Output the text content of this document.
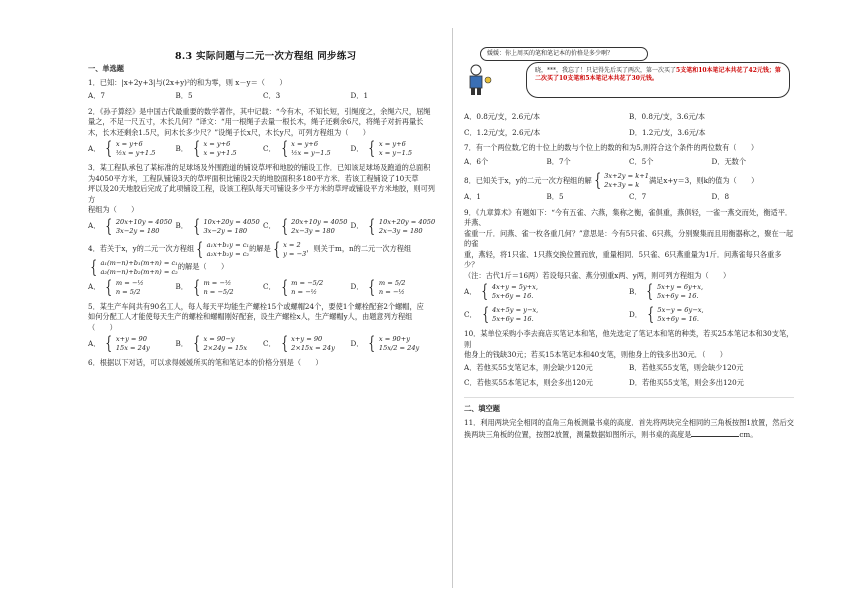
8.3 实际问题与二元一次方程组 同步练习
一、单选题
1．已知：|x+2y+3|与(2x+y)²的和为零，则 x－y＝（　　）
A．7	B．5	C．3	D．1
2．《孙子算经》是中国古代最重要的数学著作，其中记载：“今有木，不知长短，引绳度之，余绳六尺，屈绳
量之，不足一尺五寸，木长几何？”译文：“用一根绳子去量一根长木，绳子还剩余6尺，将绳子对折再量长
木，长木还剩余1.5尺，问木长多少尺？”设绳子长x尺，木长y尺，可列方程组为（　　）
A． { x = y+6
½x = y+1.5
B． { x = y+6
x = y+1.5
C． { x = y+6
½x = y−1.5
D． { x = y+6
x = y−1.5
3．某工程队承包了某标准的足球场及外围跑道的铺设草坪和地胶的铺设工作．已知该足球场及跑道的总面积
为4050平方米，工程队铺设3天的草坪面积比铺设2天的地胶面积多180平方米．若该工程铺设了10天草
坪以及20天地胶后完成了此项铺设工程，设该工程队每天可铺设多少平方米的草坪或铺设平方米地胶，则可列方
程组为（　　）
A． { 20x+10y = 4050
3x−2y = 180
B． { 10x+20y = 4050
3x−2y = 180
C． { 20x+10y = 4050
2x−3y = 180
D． { 10x+20y = 4050
2x−3y = 180
4．若关于x，y的二元一次方程组 { a₁x+b₁y = c₁
a₂x+b₂y = c₂
的解是 { x = 2
y = −3
，则关于m，n的二元一次方程组
{ a₁(m−n)+b₁(m+n) = c₁
a₂(m−n)+b₂(m+n) = c₂
的解是（　　）
A． { m = −½
n = 5/2
B． { m = −½
n = −5/2
C． { m = −5/2
n = −½
D． { m = 5/2
n = −½
5．某生产车间共有90名工人，每人每天平均能生产螺栓15个或螺帽24个，要使1个螺栓配套2个螺帽，应
如何分配工人才能使每天生产的螺栓和螺帽刚好配套，设生产螺栓x人，生产螺帽y人，由题意列方程组
（　　）
A． { x+y = 90
15x = 24y
B． { x = 90−y
2×24y = 15x
C． { x+y = 90
2×15x = 24y
D． { x = 90+y
15x/2 = 24y
6．根据以下对话，可以求得媛媛所买的笔和笔记本的价格分别是（　　）
媛媛：你上周买的笔和笔记本的价格是多少啊？
晓，***，我忘了！只记得先后买了两次，第一次买了5支笔和10本笔记本共花了42元钱；第二次买了10支笔和5本笔记本共花了30元钱。
A．0.8元/支，2.6元/本	B．0.8元/支，3.6元/本
C．1.2元/支，2.6元/本	D．1.2元/支，3.6元/本
7．有一个两位数,它的十位上的数与个位上的数的和为5,则符合这个条件的两位数有（　　）
A．6个	B．7个	C．5个	D．无数个
8．已知关于x，y的二元一次方程组的解 { 3x+2y = k+1
2x+3y = k
满足x+y＝3，则k的值为（　　）
A．1	B．5	C．7	D．8
9．《九章算术》有题如下：“今有五雀、六燕，集称之衡，雀俱重，燕俱轻，一雀一燕交而处，衡适平．并燕、
雀重一斤．问燕、雀一枚各重几何？”意思是：今有5只雀、6只燕，分别聚集而且用衡器称之，聚在一起的雀
重，燕轻，将1只雀、1只燕交换位置而放，重量相同．5只雀、6只燕重量为1斤．问燕雀每只各重多少？
（注：古代1斤＝16两）若设每只雀、燕分别重x两、y两，则可列方程组为（　　）
A． { 4x+y = 5y+x,
5x+6y = 16.
B． { 5x+y = 6y+x,
5x+6y = 16.
C． { 4x+5y = y−x,
5x+6y = 16.
D． { 5x−y = 6y−x,
5x+6y = 16.
10．某单位采购小李去商店买笔记本和笔，他先选定了笔记本和笔的种类，若买25本笔记本和30支笔，则
他身上的钱缺30元；若买15本笔记本和40支笔，则他身上的钱多出30元．（　　）
A．若他买55支笔记本，则会缺少120元	B．若他买55支笔，则会缺少120元
C．若他买55本笔记本，则会多出120元	D．若他买55支笔，则会多出120元
二、填空题
11．利用两块完全相同的直角三角板测量书桌的高度．首先将两块完全相同的三角板按图1放置，然后交
换两块三角板的位置，按图2放置，测量数据如图所示，则书桌的高度是	cm。
